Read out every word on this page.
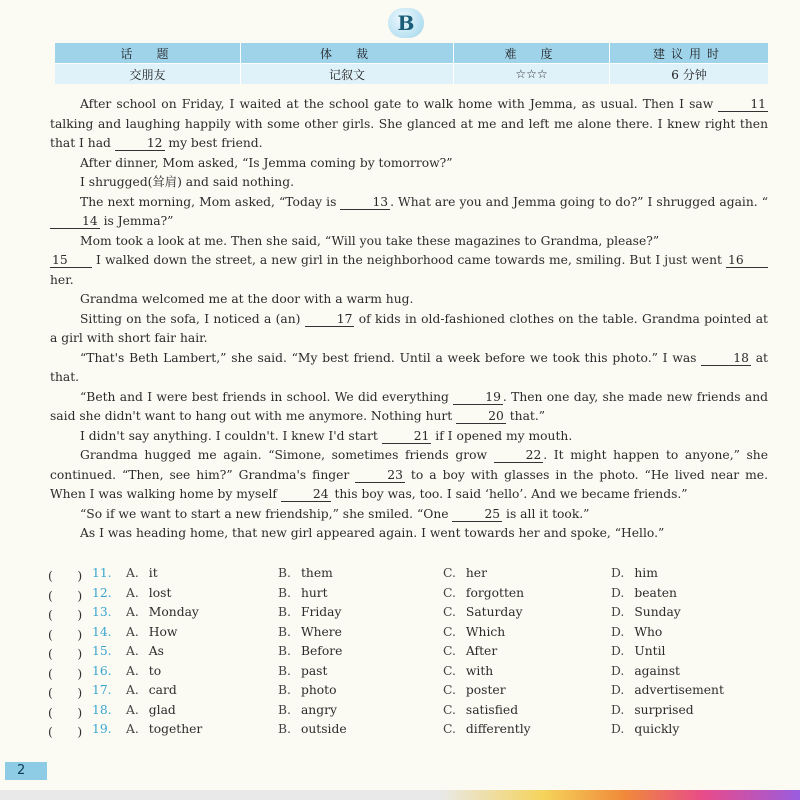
B
话　题	体　裁	难　度	建议用时
交朋友	记叙文	☆☆☆	6 分钟

After school on Friday, I waited at the school gate to walk home with Jemma, as usual. Then I saw	11 talking and laughing happily with some other girls. She glanced at me and left me alone there. I knew right then that I had	12 my best friend.

After dinner, Mom asked, “Is Jemma coming by tomorrow?”

I shrugged(耸肩) and said nothing.

The next morning, Mom asked, “Today is	13 . What are you and Jemma going to do?” I shrugged again. “14 is Jemma?”

Mom took a look at me. Then she said, “Will you take these magazines to Grandma, please?”

15 I walked down the street, a new girl in the neighborhood came towards me, smiling. But I just went 16 her.

Grandma welcomed me at the door with a warm hug.

Sitting on the sofa, I noticed a (an)	17 of kids in old-fashioned clothes on the table. Grandma pointed at a girl with short fair hair.

“That's Beth Lambert,” she said. “My best friend. Until a week before we took this photo.” I was	18 at that.

“Beth and I were best friends in school. We did everything	19 . Then one day, she made new friends and said she didn't want to hang out with me anymore. Nothing hurt	20 that.”

I didn't say anything. I couldn't. I knew I'd start	21 if I opened my mouth.

Grandma hugged me again. “Simone, sometimes friends grow	22 . It might happen to anyone,” she continued. “Then, see him?” Grandma's finger	23 to a boy with glasses in the photo. “He lived near me. When I was walking home by myself	24 this boy was, too. I said ‘hello’. And we became friends.”

“So if we want to start a new friendship,” she smiled. “One	25 is all it took.”

As I was heading home, that new girl appeared again. I went towards her and spoke, “Hello.”

(　　) 11. A. it	B. them	C. her	D. him
(　　) 12. A. lost	B. hurt	C. forgotten	D. beaten
(　　) 13. A. Monday	B. Friday	C. Saturday	D. Sunday
(　　) 14. A. How	B. Where	C. Which	D. Who
(　　) 15. A. As	B. Before	C. After	D. Until
(　　) 16. A. to	B. past	C. with	D. against
(　　) 17. A. card	B. photo	C. poster	D. advertisement
(　　) 18. A. glad	B. angry	C. satisfied	D. surprised
(　　) 19. A. together	B. outside	C. differently	D. quickly
2
